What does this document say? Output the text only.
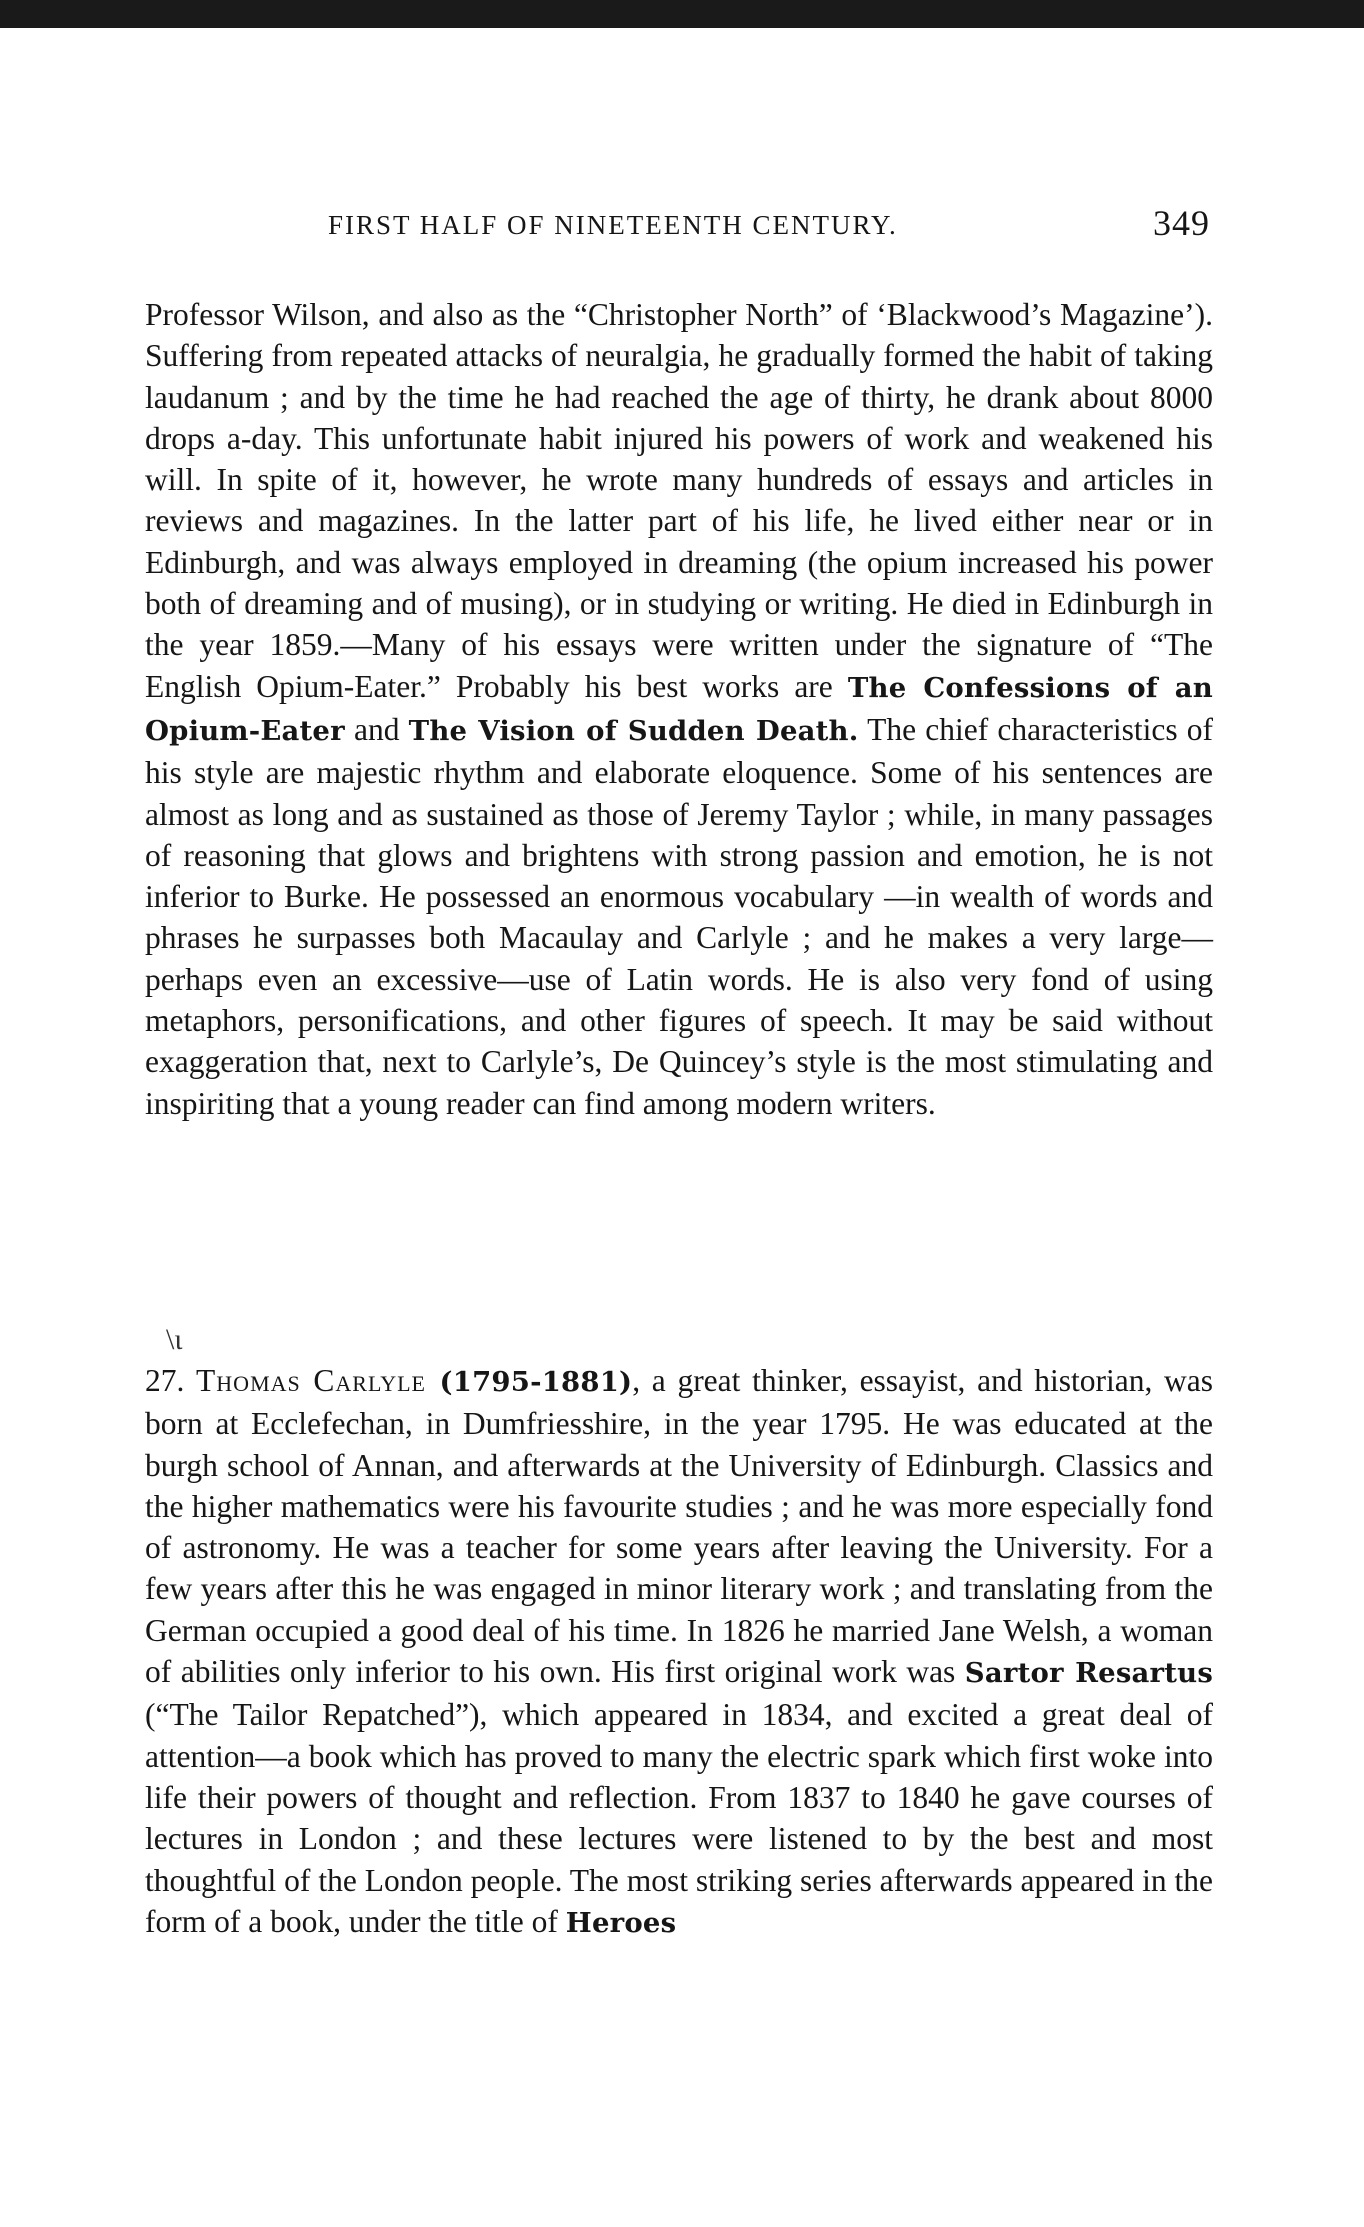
FIRST HALF OF NINETEENTH CENTURY.	349

Professor Wilson, and also as the “Christopher North” of ‘Blackwood’s Magazine’). Suffering from repeated attacks of neuralgia, he gradually formed the habit of taking laudanum ; and by the time he had reached the age of thirty, he drank about 8000 drops a-day. This unfortunate habit injured his powers of work and weakened his will. In spite of it, however, he wrote many hundreds of essays and articles in reviews and magazines. In the latter part of his life, he lived either near or in Edinburgh, and was always employed in dreaming (the opium increased his power both of dreaming and of musing), or in studying or writing. He died in Edinburgh in the year 1859.—Many of his essays were written under the signature of “The English Opium-Eater.” Probably his best works are The Confessions of an Opium-Eater and The Vision of Sudden Death. The chief characteristics of his style are majestic rhythm and elaborate eloquence. Some of his sentences are almost as long and as sustained as those of Jeremy Taylor ; while, in many passages of reasoning that glows and brightens with strong passion and emotion, he is not inferior to Burke. He possessed an enormous vocabulary —in wealth of words and phrases he surpasses both Macaulay and Carlyle ; and he makes a very large—perhaps even an excessive—use of Latin words. He is also very fond of using metaphors, personifications, and other figures of speech. It may be said without exaggeration that, next to Carlyle’s, De Quincey’s style is the most stimulating and inspiriting that a young reader can find among modern writers.

\ɩ

27. Thomas Carlyle (1795-1881), a great thinker, essayist, and historian, was born at Ecclefechan, in Dumfriesshire, in the year 1795. He was educated at the burgh school of Annan, and afterwards at the University of Edinburgh. Classics and the higher mathematics were his favourite studies ; and he was more especially fond of astronomy. He was a teacher for some years after leaving the University. For a few years after this he was engaged in minor literary work ; and translating from the German occupied a good deal of his time. In 1826 he married Jane Welsh, a woman of abilities only inferior to his own. His first original work was Sartor Resartus (“The Tailor Repatched”), which appeared in 1834, and excited a great deal of attention—a book which has proved to many the electric spark which first woke into life their powers of thought and reflection. From 1837 to 1840 he gave courses of lectures in London ; and these lectures were listened to by the best and most thoughtful of the London people. The most striking series afterwards appeared in the form of a book, under the title of Heroes
